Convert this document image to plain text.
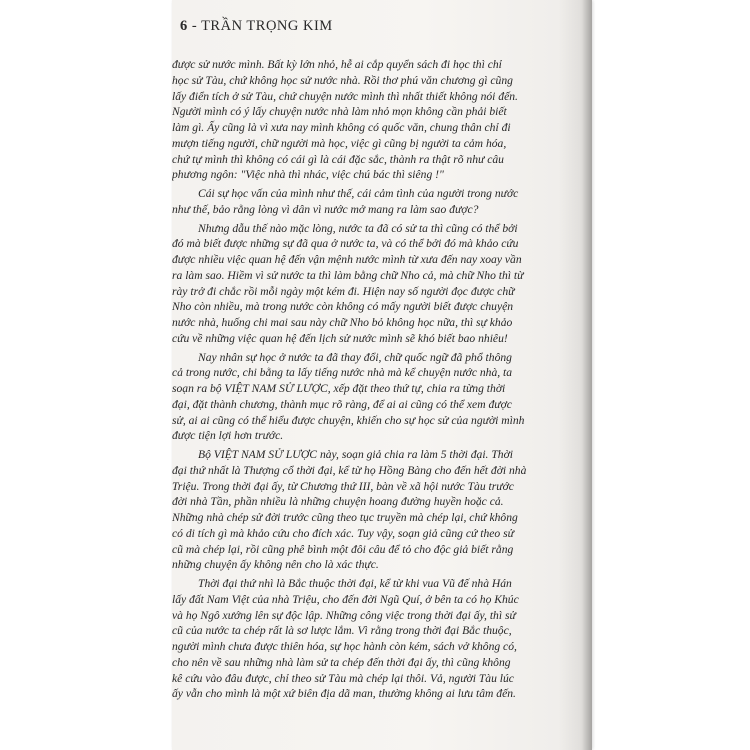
6 - TRẦN TRỌNG KIM
được sử nước mình. Bất kỳ lớn nhỏ, hễ ai cắp quyển sách đi học thì chỉ
học sử Tàu, chứ không học sử nước nhà. Rồi thơ phú văn chương gì cũng
lấy điển tích ở sử Tàu, chứ chuyện nước mình thì nhất thiết không nói đến.
Người mình có ý lấy chuyện nước nhà làm nhỏ mọn không cần phải biết
làm gì. Ấy cũng là vì xưa nay mình không có quốc văn, chung thân chỉ đi
mượn tiếng người, chữ người mà học, việc gì cũng bị người ta cảm hóa,
chứ tự mình thì không có cái gì là cái đặc sắc, thành ra thật rõ như câu
phương ngôn: "Việc nhà thì nhác, việc chú bác thì siêng !"
Cái sự học vấn của mình như thế, cái cảm tình của người trong nước
như thế, bảo rằng lòng vì dân vì nước mở mang ra làm sao được?
Nhưng dẫu thế nào mặc lòng, nước ta đã có sử ta thì cũng có thể bởi
đó mà biết được những sự đã qua ở nước ta, và có thể bởi đó mà khảo cứu
được nhiều việc quan hệ đến vận mệnh nước mình từ xưa đến nay xoay vần
ra làm sao. Hiềm vì sử nước ta thì làm bằng chữ Nho cả, mà chữ Nho thì từ
rày trở đi chắc rồi mỗi ngày một kém đi. Hiện nay số người đọc được chữ
Nho còn nhiều, mà trong nước còn không có mấy người biết được chuyện
nước nhà, huống chi mai sau này chữ Nho bỏ không học nữa, thì sự khảo
cứu về những việc quan hệ đến lịch sử nước mình sẽ khó biết bao nhiêu!
Nay nhân sự học ở nước ta đã thay đổi, chữ quốc ngữ đã phổ thông
cả trong nước, chi bằng ta lấy tiếng nước nhà mà kể chuyện nước nhà, ta
soạn ra bộ VIỆT NAM SỬ LƯỢC, xếp đặt theo thứ tự, chia ra từng thời
đại, đặt thành chương, thành mục rõ ràng, để ai ai cũng có thể xem được
sử, ai ai cũng có thể hiểu được chuyện, khiến cho sự học sử của người mình
được tiện lợi hơn trước.
Bộ VIỆT NAM SỬ LƯỢC này, soạn giả chia ra làm 5 thời đại. Thời
đại thứ nhất là Thượng cổ thời đại, kể từ họ Hồng Bàng cho đến hết đời nhà
Triệu. Trong thời đại ấy, từ Chương thứ III, bàn về xã hội nước Tàu trước
đời nhà Tần, phần nhiều là những chuyện hoang đường huyền hoặc cả.
Những nhà chép sử đời trước cũng theo tục truyền mà chép lại, chứ không
có di tích gì mà khảo cứu cho đích xác. Tuy vậy, soạn giả cũng cứ theo sử
cũ mà chép lại, rồi cũng phê bình một đôi câu để tỏ cho độc giả biết rằng
những chuyện ấy không nên cho là xác thực.
Thời đại thứ nhì là Bắc thuộc thời đại, kể từ khi vua Vũ đế nhà Hán
lấy đất Nam Việt của nhà Triệu, cho đến đời Ngũ Quí, ở bên ta có họ Khúc
và họ Ngô xướng lên sự độc lập. Những công việc trong thời đại ấy, thì sử
cũ của nước ta chép rất là sơ lược lắm. Vì rằng trong thời đại Bắc thuộc,
người mình chưa được thiên hóa, sự học hành còn kém, sách vở không có,
cho nên về sau những nhà làm sử ta chép đến thời đại ấy, thì cũng không
kê cứu vào đâu được, chỉ theo sử Tàu mà chép lại thôi. Vả, người Tàu lúc
ấy vẫn cho mình là một xứ biên địa dã man, thường không ai lưu tâm đến.
